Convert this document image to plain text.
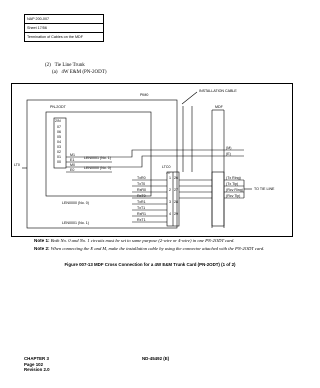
NAP 200-007
Sheet 17/56
Termination of Cables on the MDF
(2) Tie Line Trunk
(a) 4W E&M (PN-2ODT)
PIM0
INSTALLATION CABLE
PN-2ODT	MDF
LT0	LTC0
J P
2/N
07
06
05
04
03
02
01
00
M1
E1
M0
E0
LEN0001 (No. 1)
LEN0000 (No. 0)
LEN0000 (No. 0)
LEN0001 (No. 1)
TxR0
TxT0
RxR0
RxT0
TxR1
TxT1
RxR1
RxT1
1 26
2 27
3 28
4 29
(M)
(E)
(Tx Ring)
(Tx Tip)
(Rcv Ring)
(Rcv Tip)
TO TIE LINE
Note 1: Both No. 0 and No. 1 circuits must be set to same purpose (2-wire or 4-wire) in one PN-2ODT card.
Note 2: When connecting the E and M, make the installation cable by using the connector attached with the PN-2ODT card.
Figure 007-13 MDF Cross Connection for a 4W E&M Trunk Card (PN-2ODT) (1 of 2)
CHAPTER 3
Page 102
Revision 2.0
ND-45492 (E)
